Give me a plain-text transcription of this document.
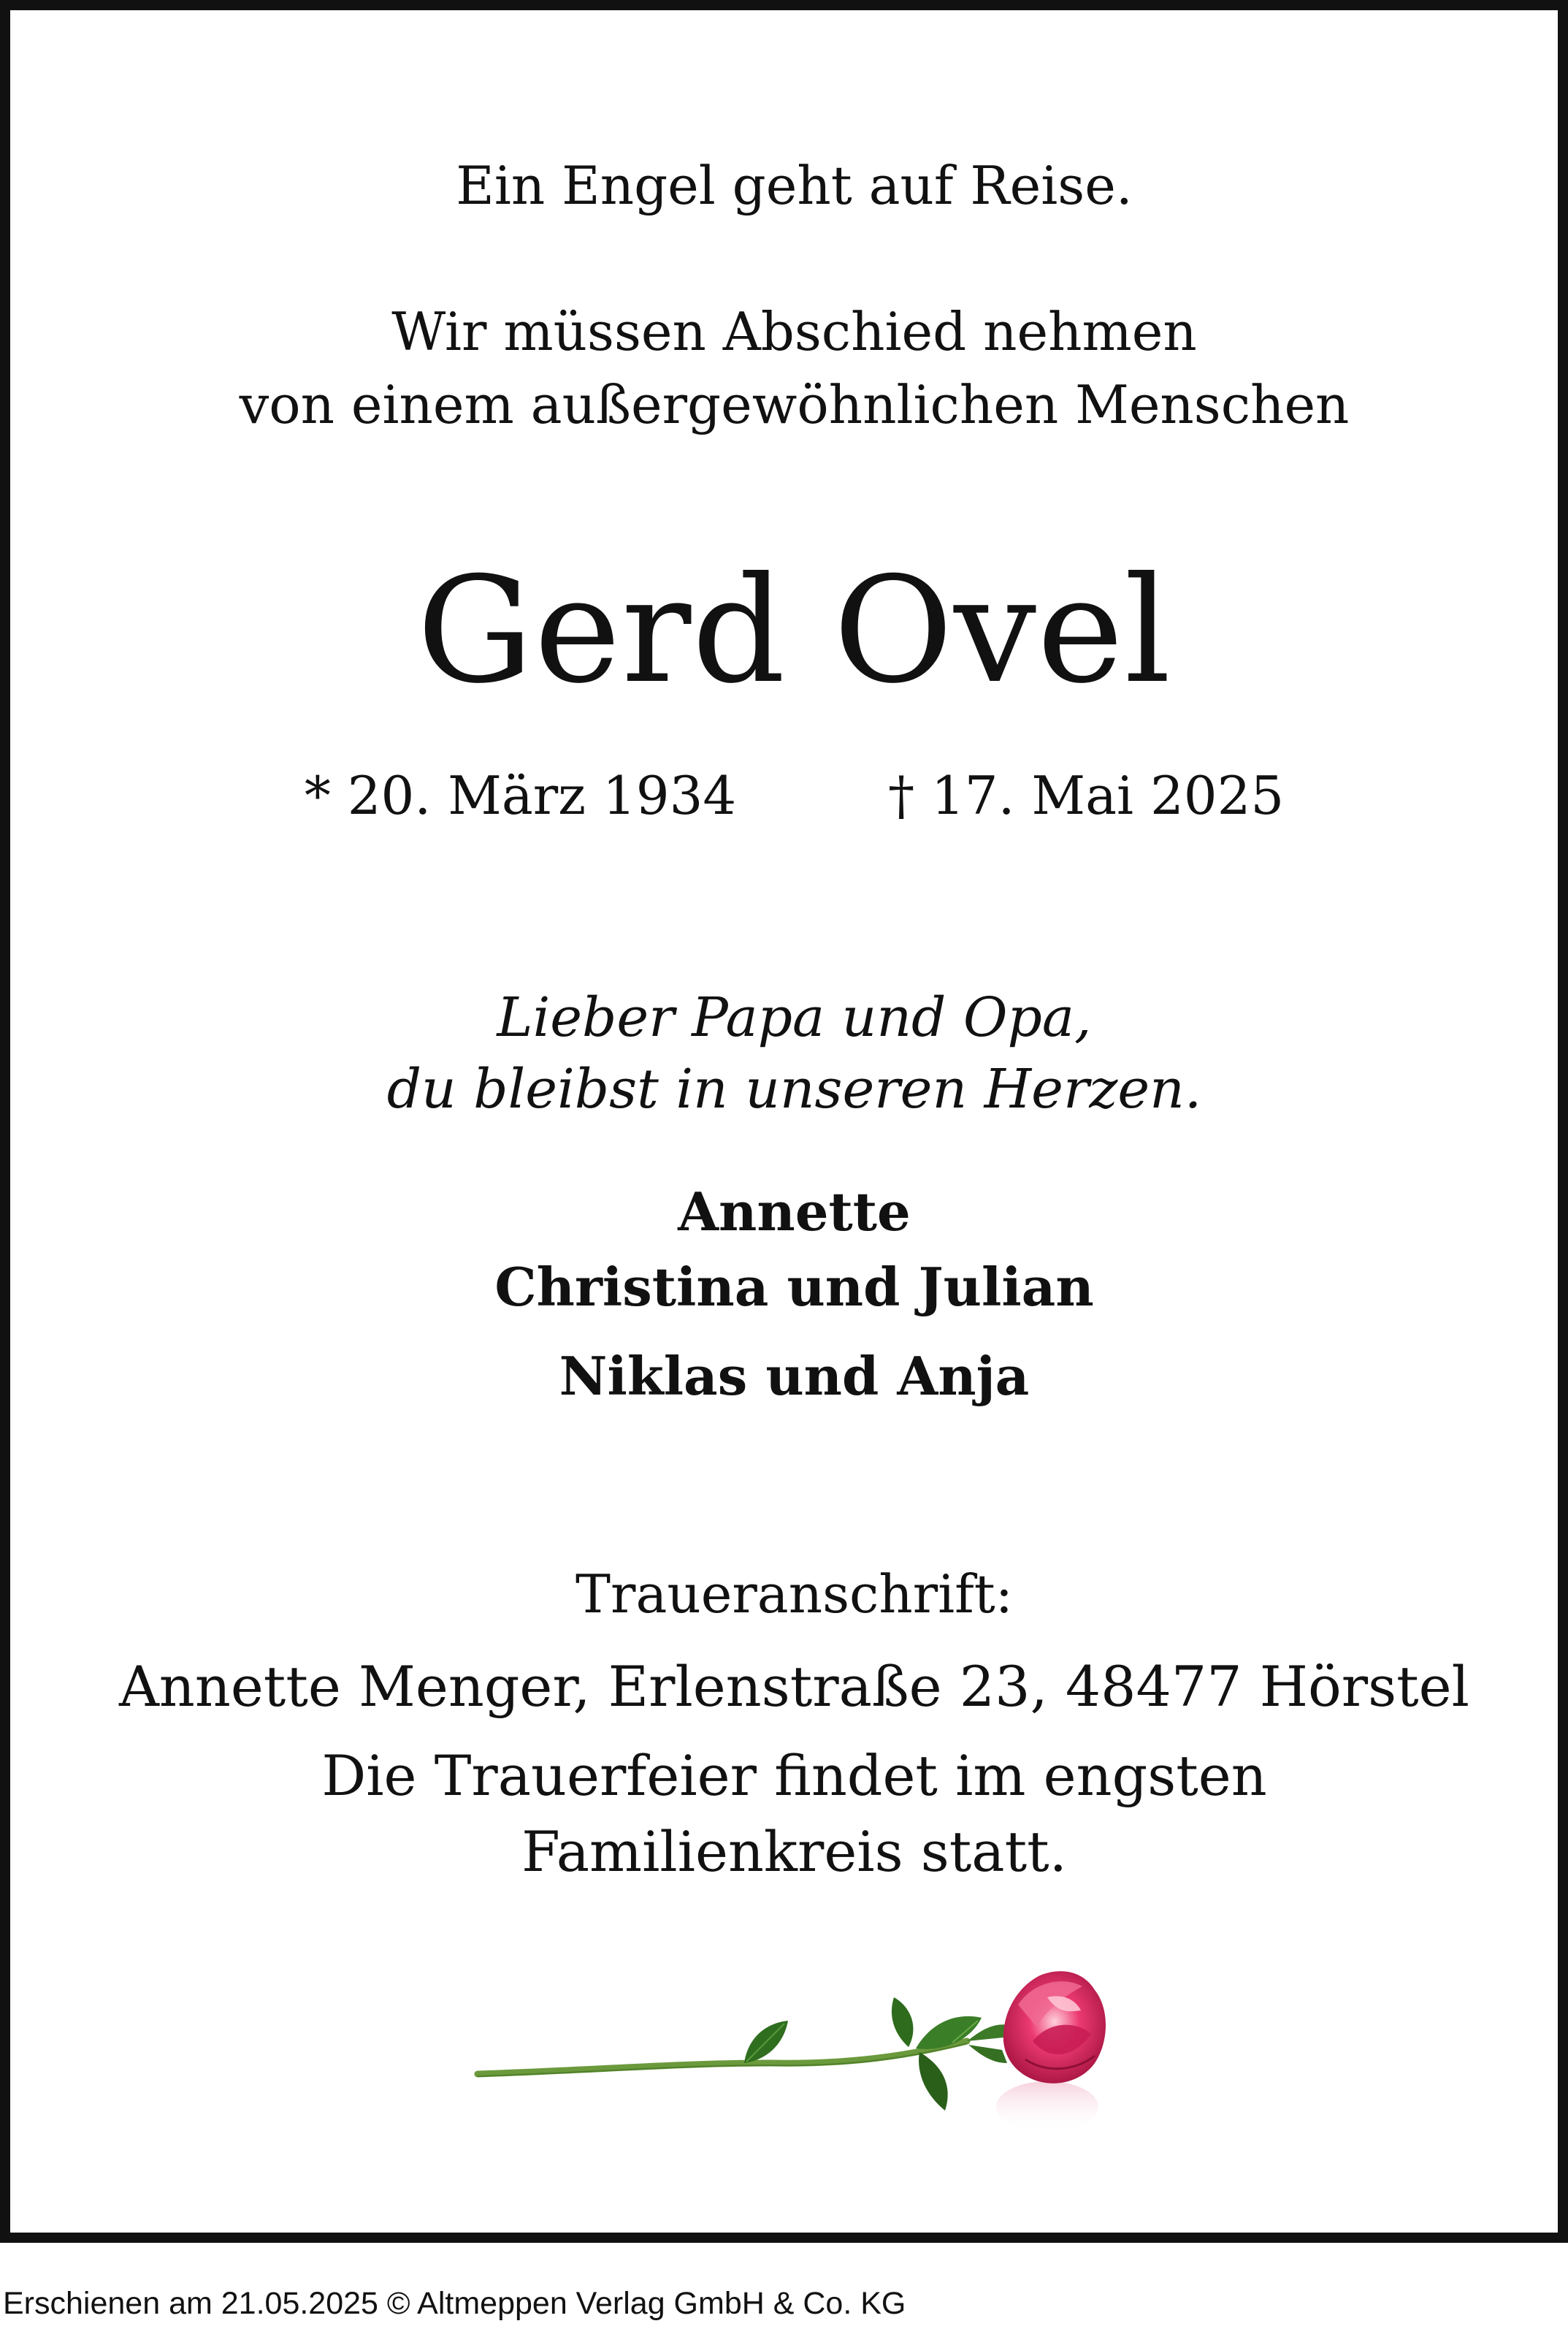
Ein Engel geht auf Reise.
Wir müssen Abschied nehmen
von einem außergewöhnlichen Menschen
Gerd Ovel
* 20. März 1934	† 17. Mai 2025
Lieber Papa und Opa,
du bleibst in unseren Herzen.
Annette
Christina und Julian
Niklas und Anja
Traueranschrift:
Annette Menger, Erlenstraße 23, 48477 Hörstel
Die Trauerfeier findet im engsten
Familienkreis statt.
Erschienen am 21.05.2025 © Altmeppen Verlag GmbH & Co. KG
